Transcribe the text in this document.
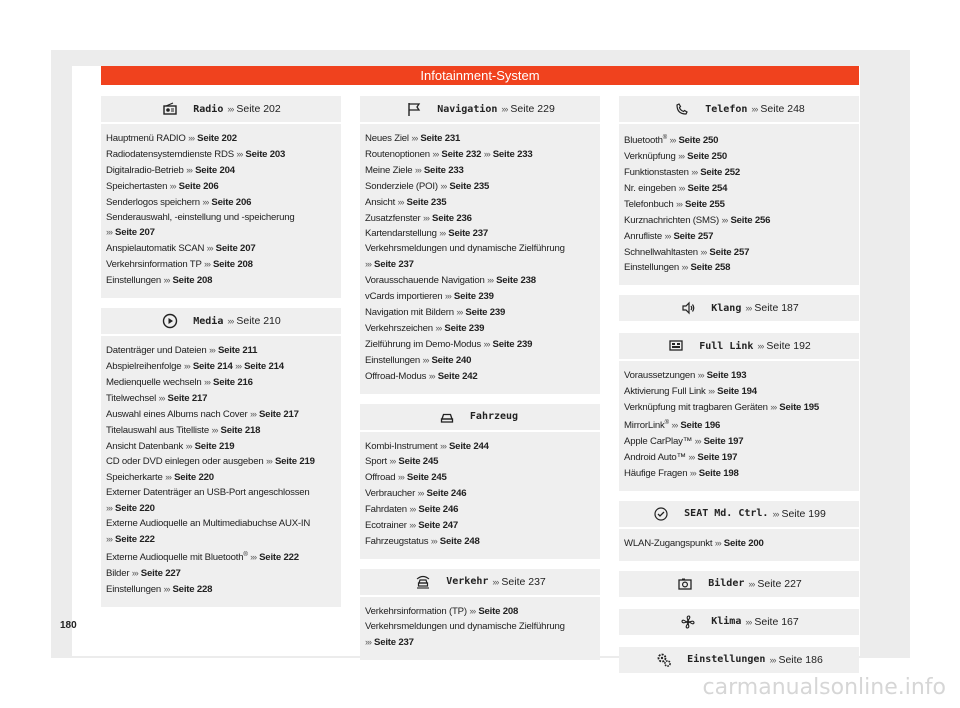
Infotainment-System
Radio ››› Seite 202
Hauptmenü RADIO ››› Seite 202
Radiodatensystemdienste RDS ››› Seite 203
Digitalradio-Betrieb ››› Seite 204
Speichertasten ››› Seite 206
Senderlogos speichern ››› Seite 206
Senderauswahl, -einstellung und -speicherung
››› Seite 207
Anspielautomatik SCAN ››› Seite 207
Verkehrsinformation TP ››› Seite 208
Einstellungen ››› Seite 208
Media ››› Seite 210
Datenträger und Dateien ››› Seite 211
Abspielreihenfolge ››› Seite 214 ››› Seite 214
Medienquelle wechseln ››› Seite 216
Titelwechsel ››› Seite 217
Auswahl eines Albums nach Cover ››› Seite 217
Titelauswahl aus Titelliste ››› Seite 218
Ansicht Datenbank ››› Seite 219
CD oder DVD einlegen oder ausgeben ››› Seite 219
Speicherkarte ››› Seite 220
Externer Datenträger an USB-Port angeschlossen
››› Seite 220
Externe Audioquelle an Multimediabuchse AUX-IN
››› Seite 222
Externe Audioquelle mit Bluetooth® ››› Seite 222
Bilder ››› Seite 227
Einstellungen ››› Seite 228
Navigation ››› Seite 229
Neues Ziel ››› Seite 231
Routenoptionen ››› Seite 232 ››› Seite 233
Meine Ziele ››› Seite 233
Sonderziele (POI) ››› Seite 235
Ansicht ››› Seite 235
Zusatzfenster ››› Seite 236
Kartendarstellung ››› Seite 237
Verkehrsmeldungen und dynamische Zielführung
››› Seite 237
Vorausschauende Navigation ››› Seite 238
vCards importieren ››› Seite 239
Navigation mit Bildern ››› Seite 239
Verkehrszeichen ››› Seite 239
Zielführung im Demo-Modus ››› Seite 239
Einstellungen ››› Seite 240
Offroad-Modus ››› Seite 242
Fahrzeug
Kombi-Instrument ››› Seite 244
Sport ››› Seite 245
Offroad ››› Seite 245
Verbraucher ››› Seite 246
Fahrdaten ››› Seite 246
Ecotrainer ››› Seite 247
Fahrzeugstatus ››› Seite 248
Verkehr ››› Seite 237
Verkehrsinformation (TP) ››› Seite 208
Verkehrsmeldungen und dynamische Zielführung
››› Seite 237
Telefon ››› Seite 248
Bluetooth® ››› Seite 250
Verknüpfung ››› Seite 250
Funktionstasten ››› Seite 252
Nr. eingeben ››› Seite 254
Telefonbuch ››› Seite 255
Kurznachrichten (SMS) ››› Seite 256
Anrufliste ››› Seite 257
Schnellwahltasten ››› Seite 257
Einstellungen ››› Seite 258
Klang ››› Seite 187
Full Link ››› Seite 192
Voraussetzungen ››› Seite 193
Aktivierung Full Link ››› Seite 194
Verknüpfung mit tragbaren Geräten ››› Seite 195
MirrorLink® ››› Seite 196
Apple CarPlay™ ››› Seite 197
Android Auto™ ››› Seite 197
Häufige Fragen ››› Seite 198
SEAT Md. Ctrl. ››› Seite 199
WLAN-Zugangspunkt ››› Seite 200
Bilder ››› Seite 227
Klima ››› Seite 167
Einstellungen ››› Seite 186
180
carmanualsonline.info
